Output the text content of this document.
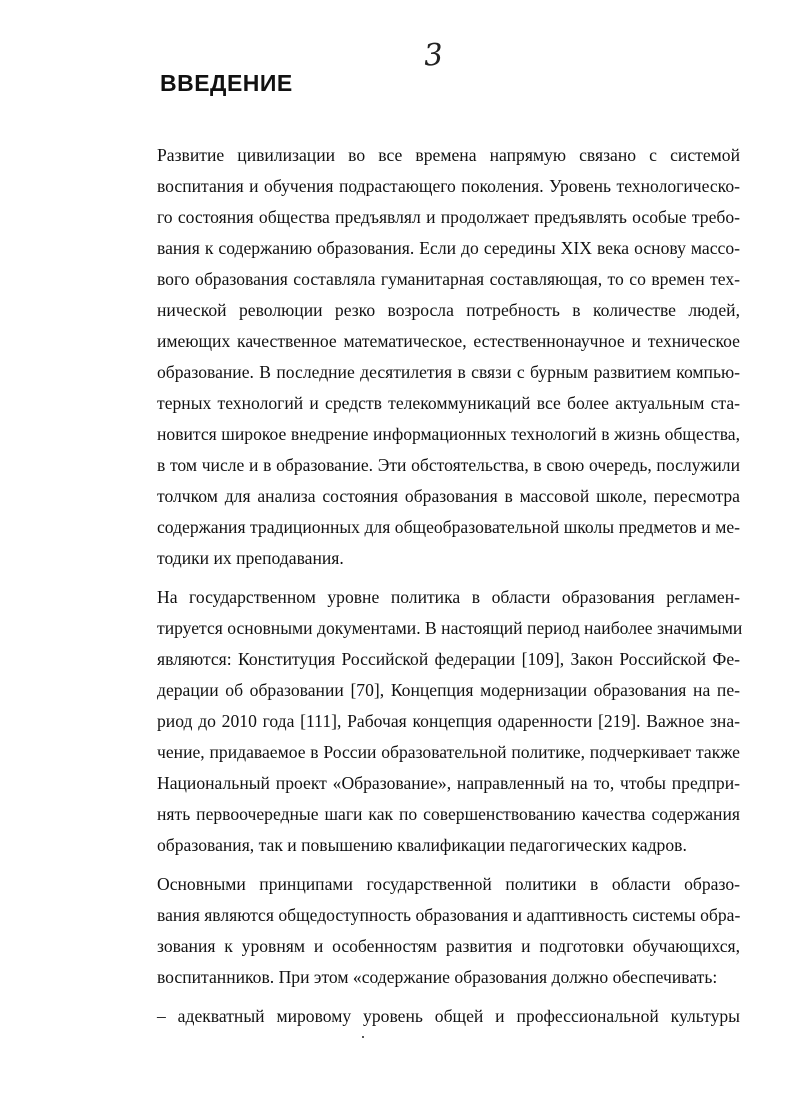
3
ВВЕДЕНИЕ

Развитие цивилизации во все времена напрямую связано с системой
воспитания и обучения подрастающего поколения. Уровень технологическо-
го состояния общества предъявлял и продолжает предъявлять особые требо-
вания к содержанию образования. Если до середины XIX века основу массо-
вого образования составляла гуманитарная составляющая, то со времен тех-
нической революции резко возросла потребность в количестве людей,
имеющих качественное математическое, естественнонаучное и техническое
образование. В последние десятилетия в связи с бурным развитием компью-
терных технологий и средств телекоммуникаций все более актуальным ста-
новится широкое внедрение информационных технологий в жизнь общества,
в том числе и в образование. Эти обстоятельства, в свою очередь, послужили
толчком для анализа состояния образования в массовой школе, пересмотра
содержания традиционных для общеобразовательной школы предметов и ме-
тодики их преподавания.

На государственном уровне политика в области образования регламен-
тируется основными документами. В настоящий период наиболее значимыми
являются: Конституция Российской федерации [109], Закон Российской Фе-
дерации об образовании [70], Концепция модернизации образования на пе-
риод до 2010 года [111], Рабочая концепция одаренности [219]. Важное зна-
чение, придаваемое в России образовательной политике, подчеркивает также
Национальный проект «Образование», направленный на то, чтобы предпри-
нять первоочередные шаги как по совершенствованию качества содержания
образования, так и повышению квалификации педагогических кадров.

Основными принципами государственной политики в области образо-
вания являются общедоступность образования и адаптивность системы обра-
зования к уровням и особенностям развития и подготовки обучающихся,
воспитанников. При этом «содержание образования должно обеспечивать:

– адекватный мировому уровень общей и профессиональной культуры
